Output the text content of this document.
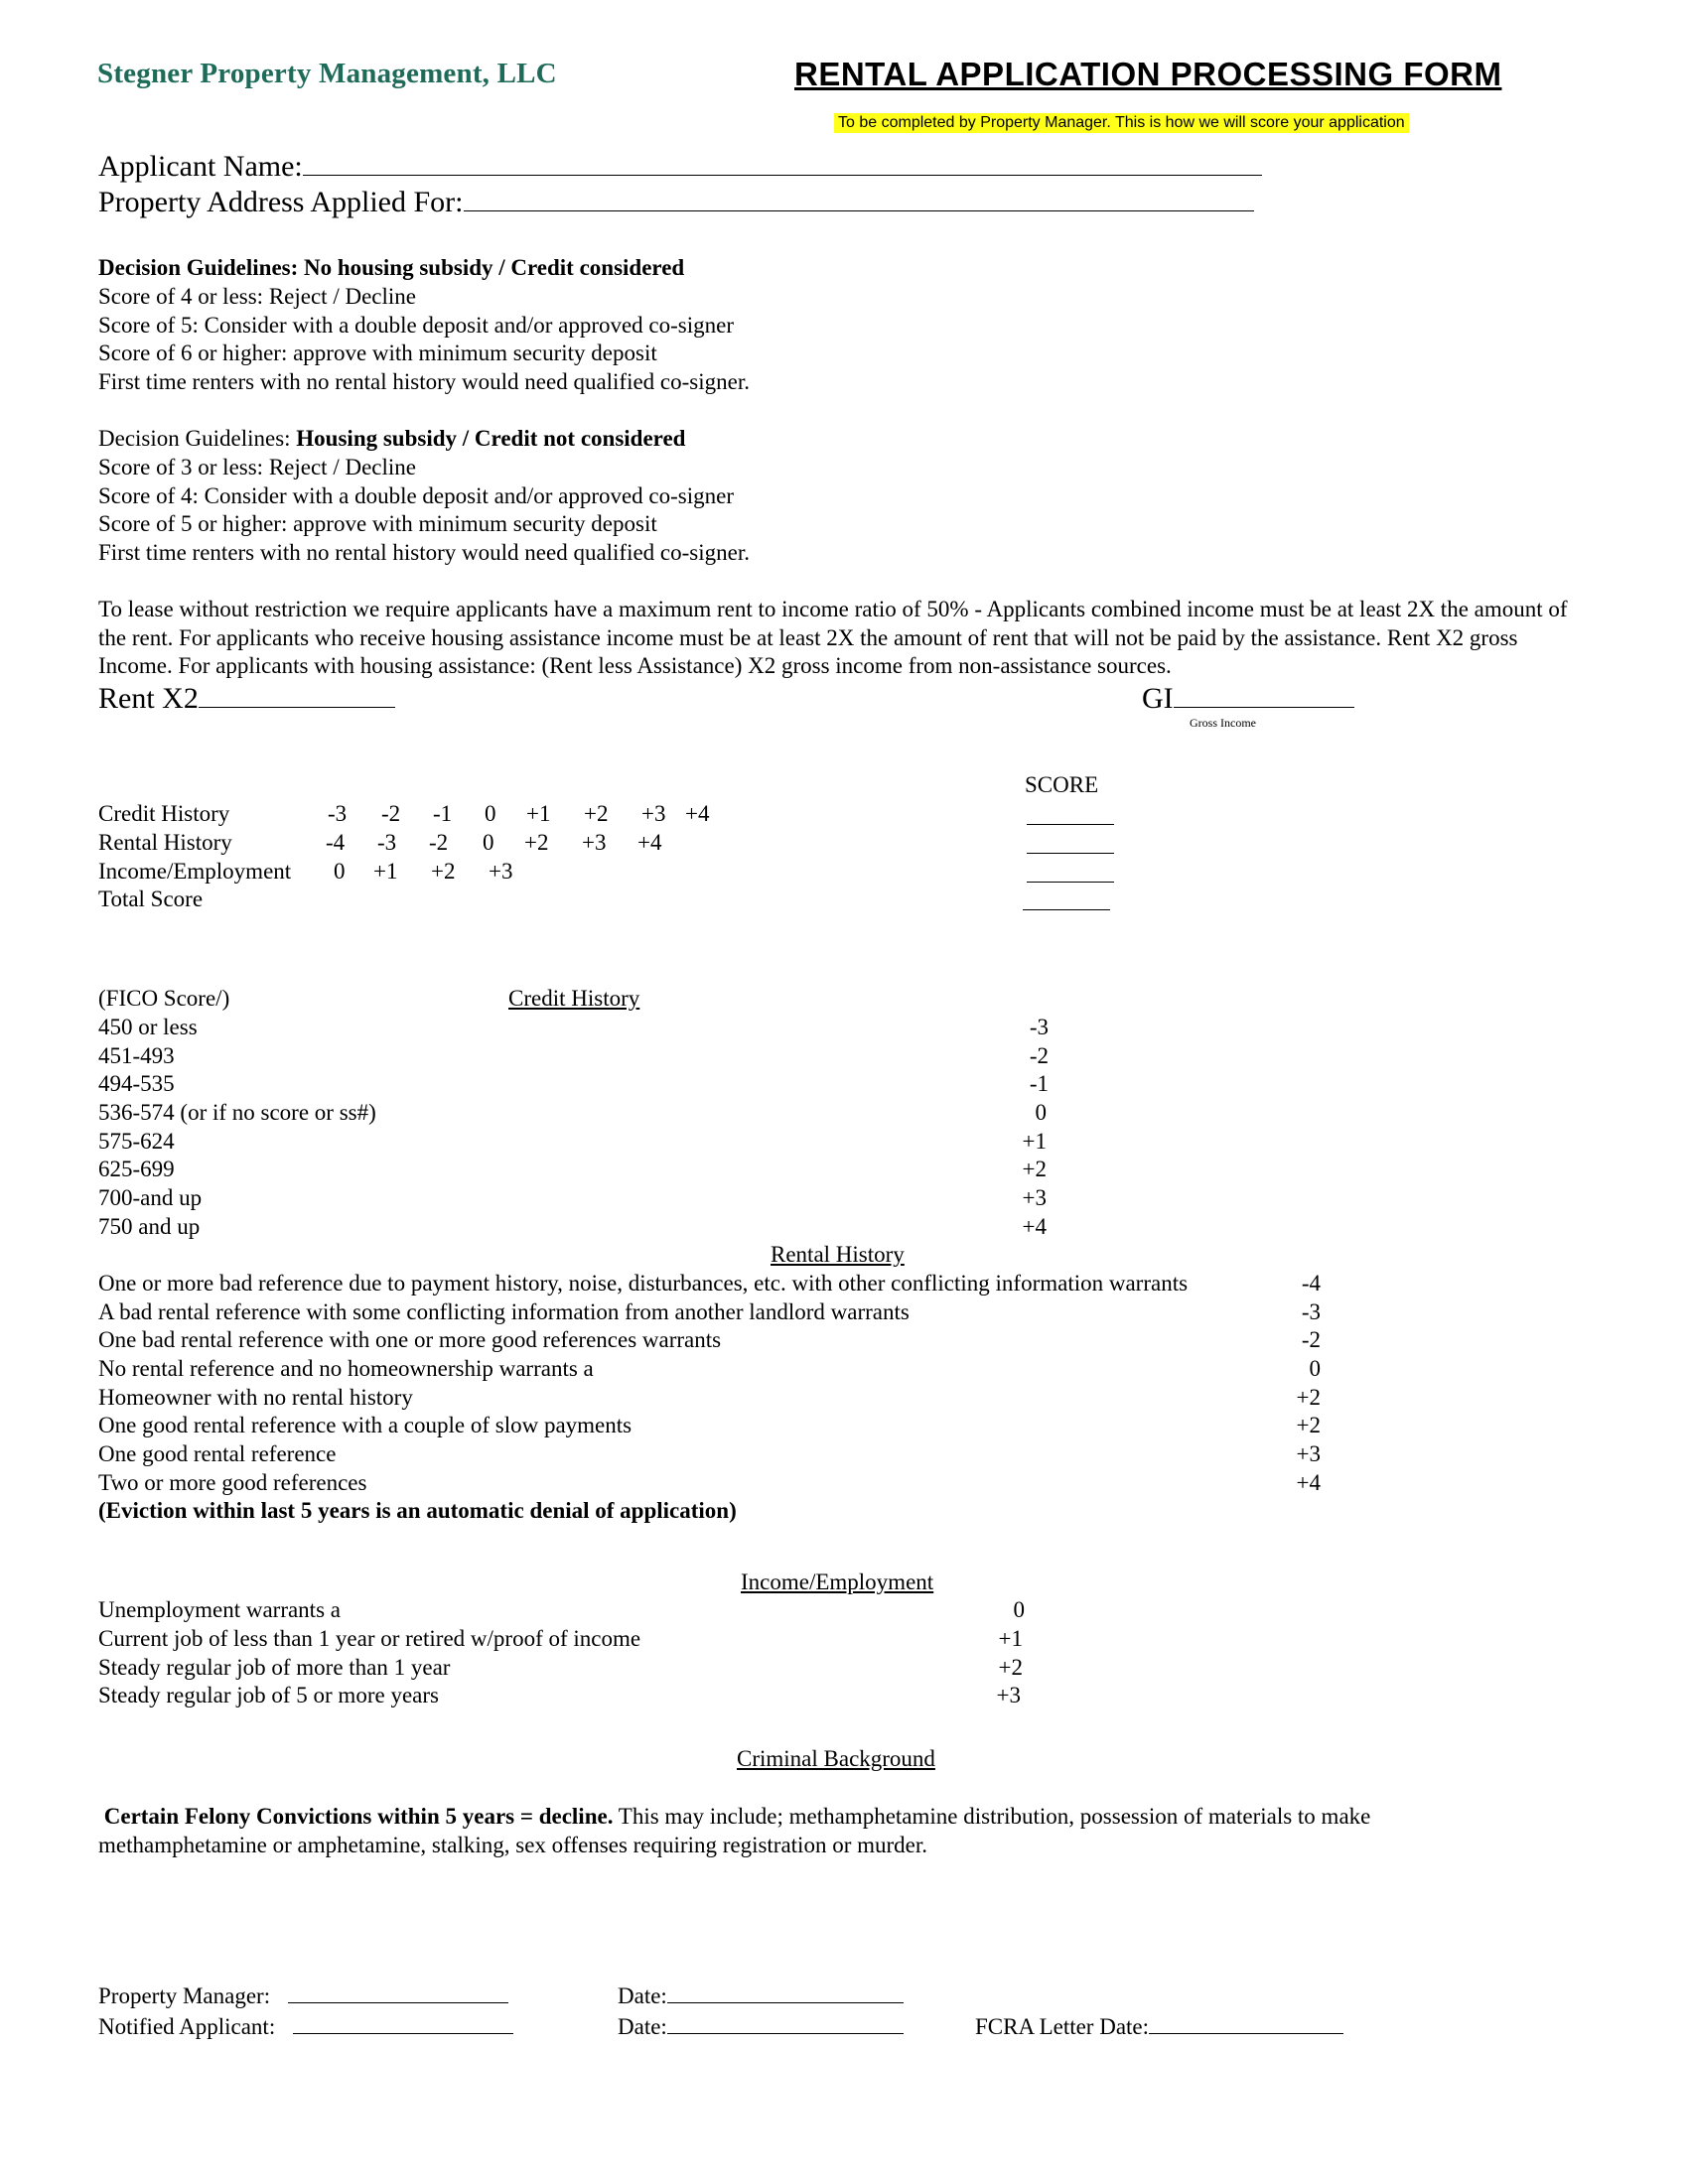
Stegner Property Management, LLC	RENTAL APPLICATION PROCESSING FORM
To be completed by Property Manager. This is how we will score your application
Applicant Name:
Property Address Applied For:
Decision Guidelines: No housing subsidy / Credit considered
Score of 4 or less: Reject / Decline
Score of 5: Consider with a double deposit and/or approved co-signer
Score of 6 or higher: approve with minimum security deposit
First time renters with no rental history would need qualified co-signer.
Decision Guidelines: Housing subsidy / Credit not considered
Score of 3 or less: Reject / Decline
Score of 4: Consider with a double deposit and/or approved co-signer
Score of 5 or higher: approve with minimum security deposit
First time renters with no rental history would need qualified co-signer.
To lease without restriction we require applicants have a maximum rent to income ratio of 50% - Applicants combined income must be at least 2X the amount of the rent. For applicants who receive housing assistance income must be at least 2X the amount of rent that will not be paid by the assistance. Rent X2 gross Income. For applicants with housing assistance: (Rent less Assistance) X2 gross income from non-assistance sources.
Rent X2	GI
Gross Income
SCORE
Credit History	-3 -2 -1 0 +1 +2 +3 +4
Rental History	-4 -3 -2 0 +2 +3 +4
Income/Employment 0 +1 +2 +3
Total Score
(FICO Score/)	Credit History
450 or less	-3
451-493	-2
494-535	-1
536-574 (or if no score or ss#)	0
575-624	+1
625-699	+2
700-and up	+3
750 and up	+4
Rental History
One or more bad reference due to payment history, noise, disturbances, etc. with other conflicting information warrants	-4
A bad rental reference with some conflicting information from another landlord warrants	-3
One bad rental reference with one or more good references warrants	-2
No rental reference and no homeownership warrants a	0
Homeowner with no rental history	+2
One good rental reference with a couple of slow payments	+2
One good rental reference	+3
Two or more good references	+4
(Eviction within last 5 years is an automatic denial of application)
Income/Employment
Unemployment warrants a	0
Current job of less than 1 year or retired w/proof of income	+1
Steady regular job of more than 1 year	+2
Steady regular job of 5 or more years	+3
Criminal Background
Certain Felony Convictions within 5 years = decline. This may include; methamphetamine distribution, possession of materials to make methamphetamine or amphetamine, stalking, sex offenses requiring registration or murder.
Property Manager:	Date:
Notified Applicant:	Date:	FCRA Letter Date:
